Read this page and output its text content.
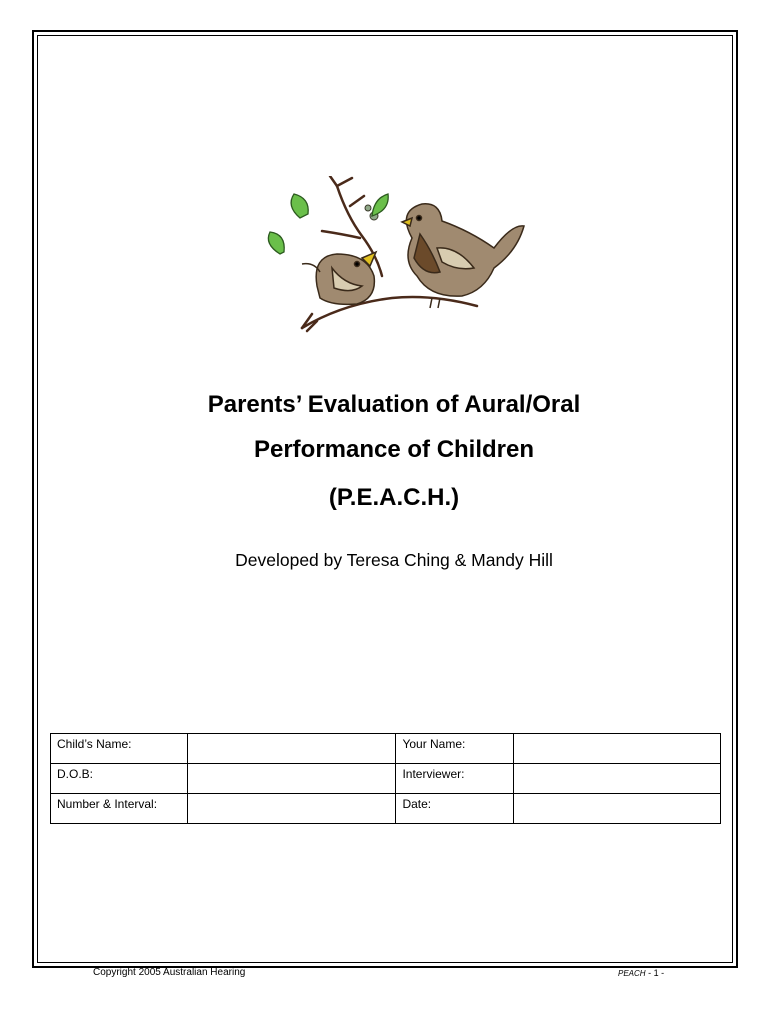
Parents’ Evaluation of Aural/Oral
Performance of Children
(P.E.A.C.H.)
Developed by Teresa Ching & Mandy Hill
Child’s Name:		Your Name:	
D.O.B:		Interviewer:	
Number & Interval:		Date:	
Copyright 2005 Australian Hearing	PEACH - 1 -
